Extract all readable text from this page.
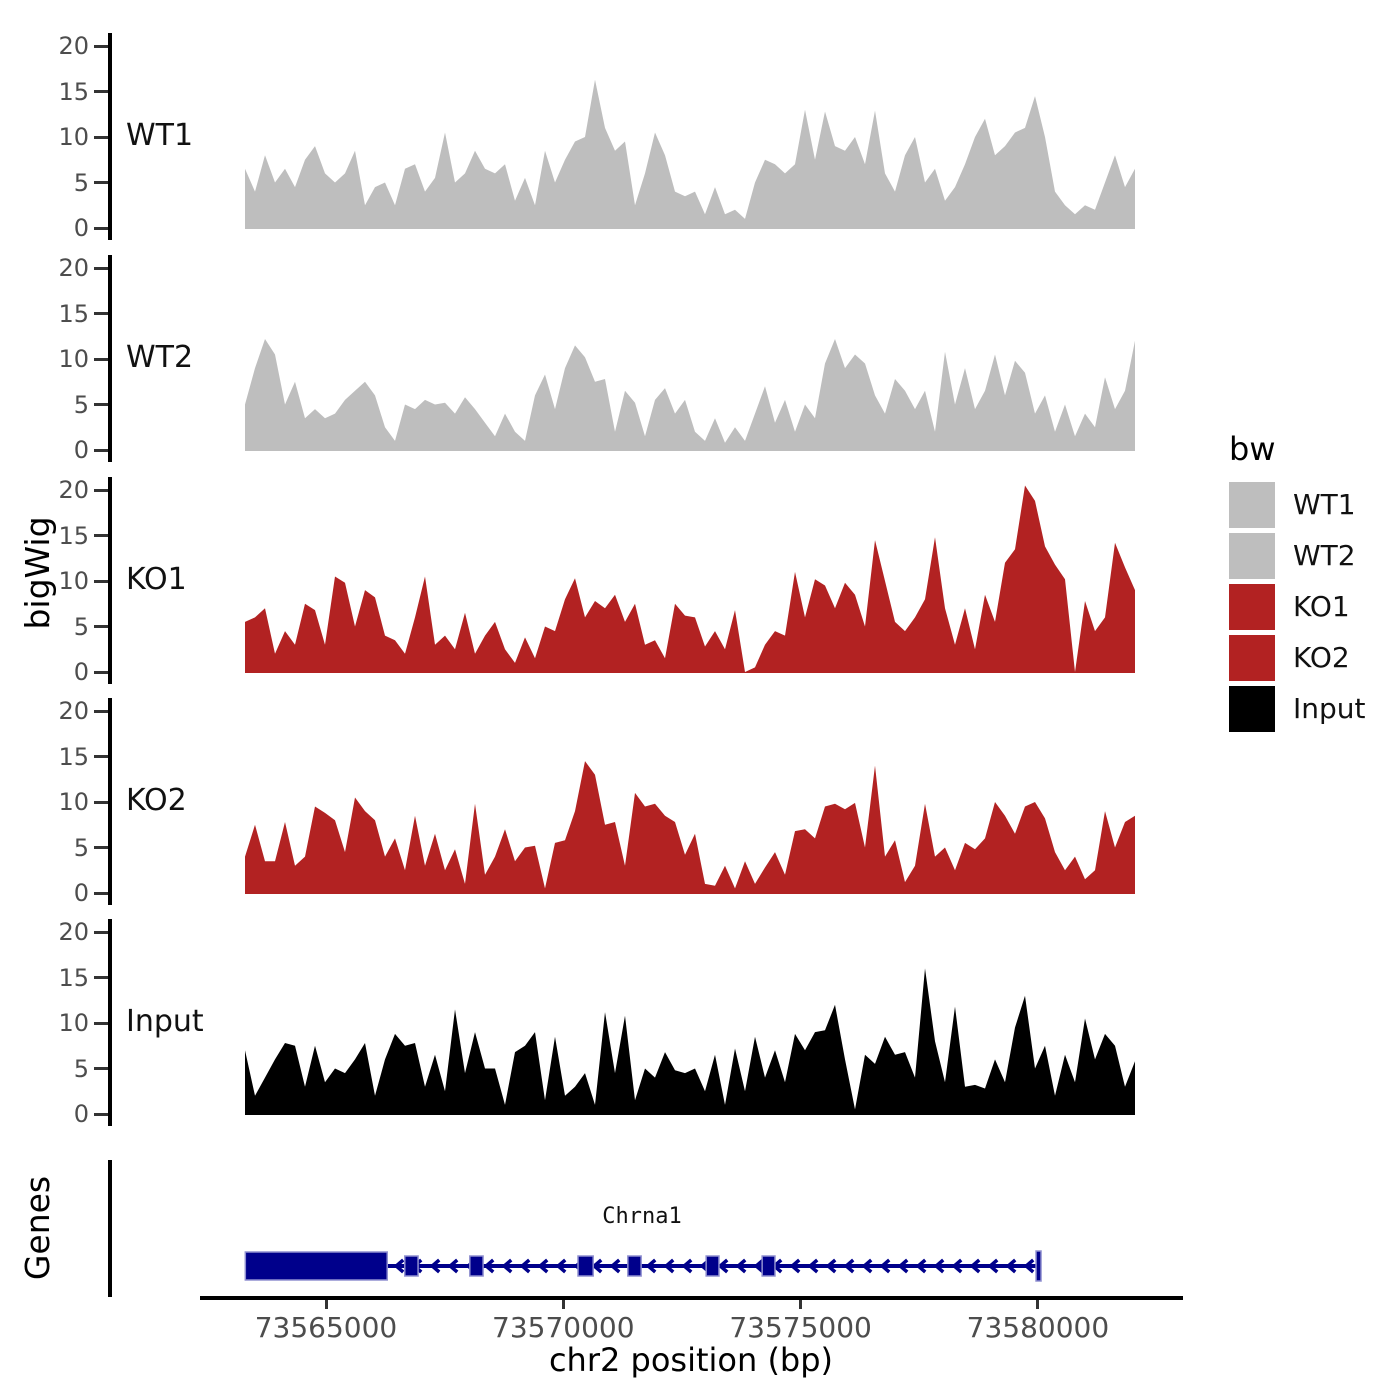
0
5
10
15
20
WT1
0
5
10
15
20
WT2
0
5
10
15
20
KO1
0
5
10
15
20
KO2
0
5
10
15
20
Input
bigWig
Genes	Chrna1
73565000	73570000	73575000	73580000
chr2 position (bp)
bw
WT1
WT2
KO1
KO2
Input
